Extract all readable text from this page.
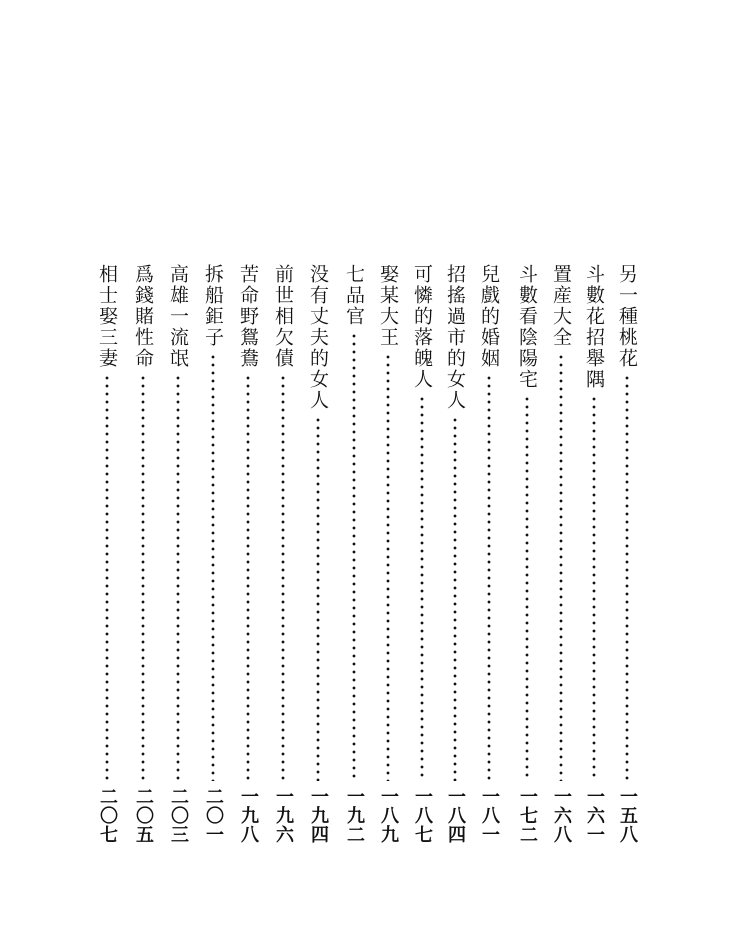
另一種桃花
一五八
斗數花招舉隅
一六一
置産大全
一六八
斗數看陰陽宅
一七二
兒戲的婚姻
一八一
招搖過市的女人
一八四
可憐的落魄人
一八七
娶某大王
一八九
七品官
一九二
没有丈夫的女人
一九四
前世相欠債
一九六
苦命野鴛鴦
一九八
拆船鉅子
二〇一
高雄一流氓
二〇三
爲錢賭性命
二〇五
相士娶三妻
二〇七
